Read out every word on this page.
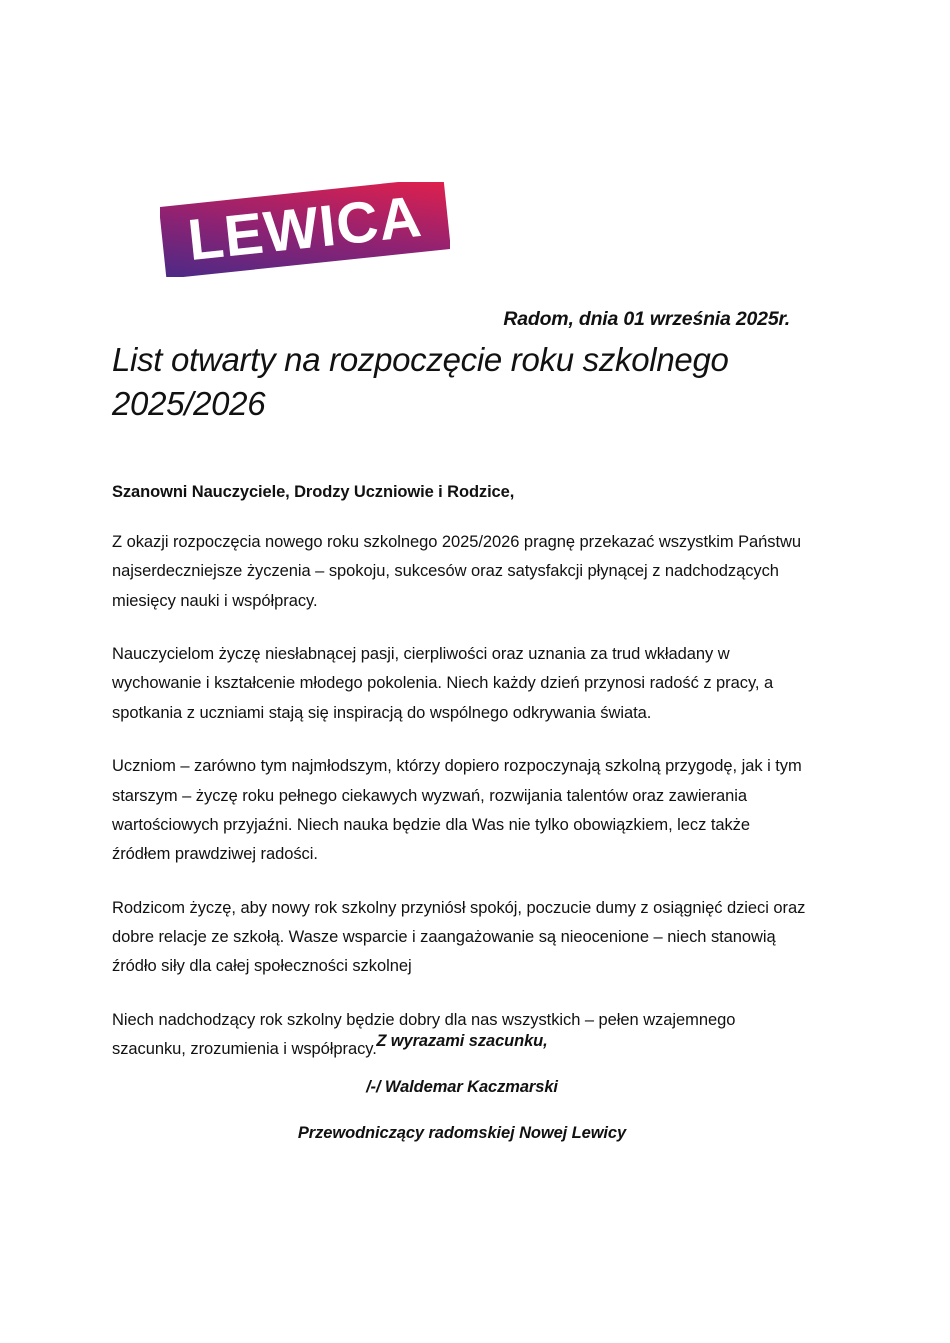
LEWICA
Radom, dnia 01 września 2025r.
List otwarty na rozpoczęcie roku szkolnego 2025/2026
Szanowni Nauczyciele, Drodzy Uczniowie i Rodzice,

Z okazji rozpoczęcia nowego roku szkolnego 2025/2026 pragnę przekazać wszystkim Państwu najserdeczniejsze życzenia – spokoju, sukcesów oraz satysfakcji płynącej z nadchodzących miesięcy nauki i współpracy.

Nauczycielom życzę niesłabnącej pasji, cierpliwości oraz uznania za trud wkładany w wychowanie i kształcenie młodego pokolenia. Niech każdy dzień przynosi radość z pracy, a spotkania z uczniami stają się inspiracją do wspólnego odkrywania świata.

Uczniom – zarówno tym najmłodszym, którzy dopiero rozpoczynają szkolną przygodę, jak i tym starszym – życzę roku pełnego ciekawych wyzwań, rozwijania talentów oraz zawierania wartościowych przyjaźni. Niech nauka będzie dla Was nie tylko obowiązkiem, lecz także źródłem prawdziwej radości.

Rodzicom życzę, aby nowy rok szkolny przyniósł spokój, poczucie dumy z osiągnięć dzieci oraz dobre relacje ze szkołą. Wasze wsparcie i zaangażowanie są nieocenione – niech stanowią źródło siły dla całej społeczności szkolnej

Niech nadchodzący rok szkolny będzie dobry dla nas wszystkich – pełen wzajemnego szacunku, zrozumienia i współpracy. Z wyrazami szacunku,
/-/ Waldemar Kaczmarski
Przewodniczący radomskiej Nowej Lewicy
